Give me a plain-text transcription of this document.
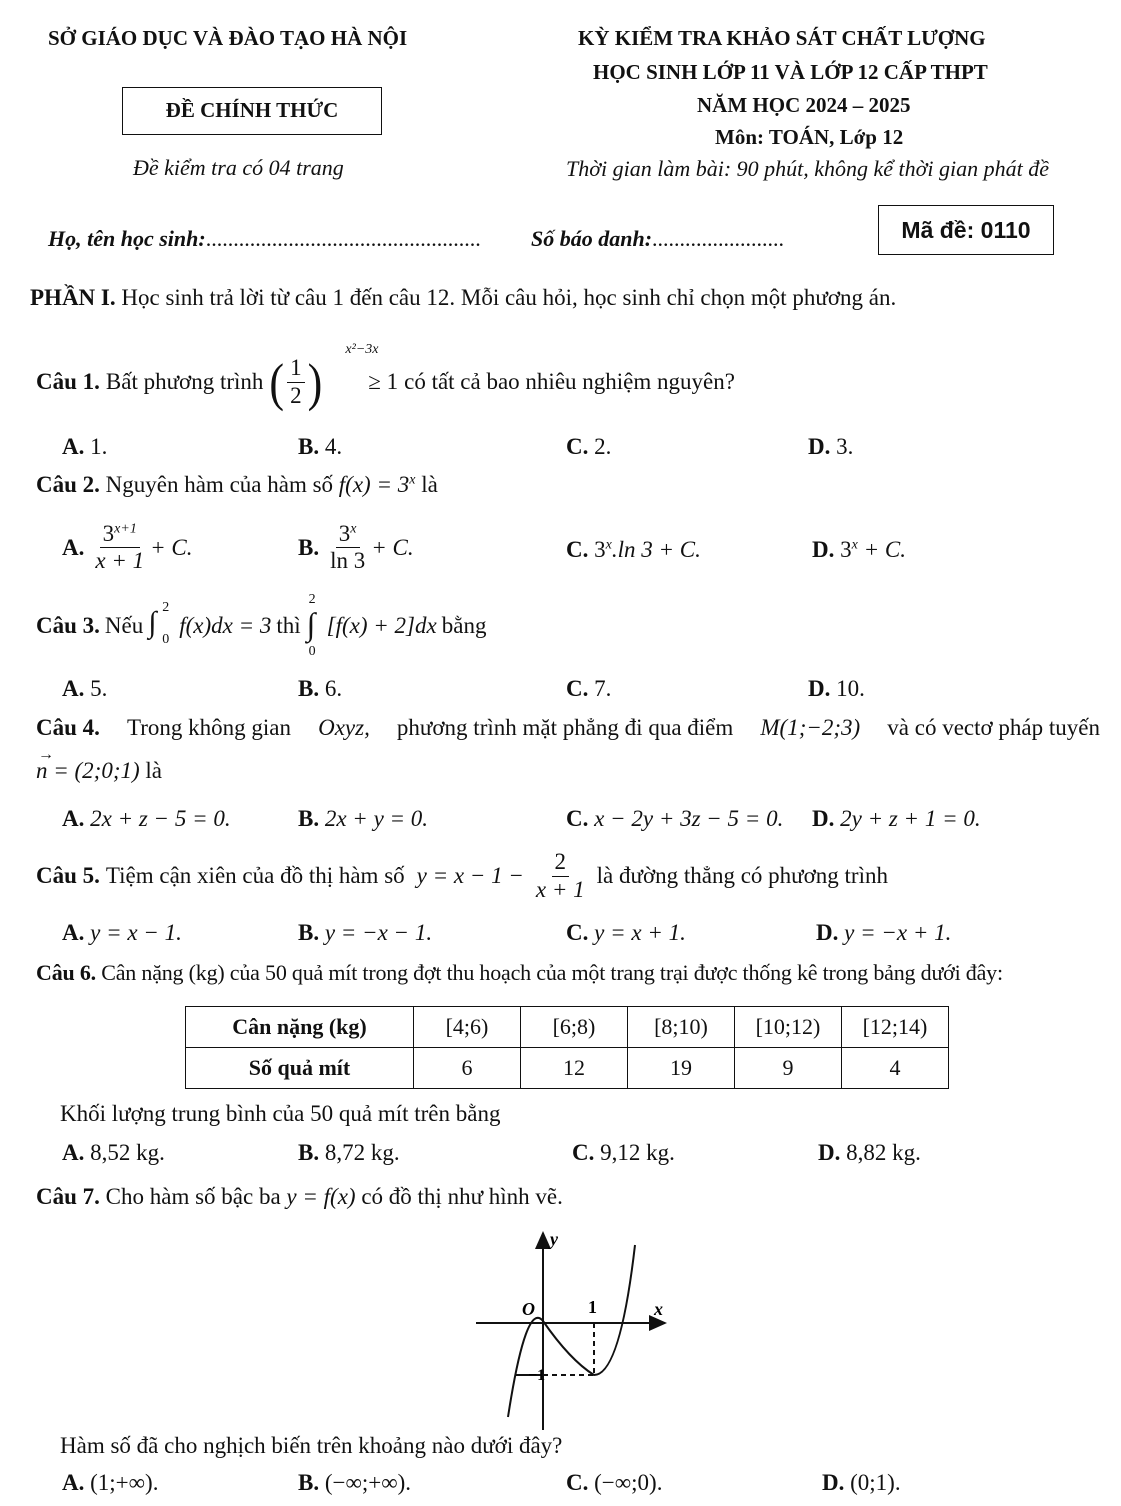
SỞ GIÁO DỤC VÀ ĐÀO TẠO HÀ NỘI	KỲ KIỂM TRA KHẢO SÁT CHẤT LƯỢNG
HỌC SINH LỚP 11 VÀ LỚP 12 CẤP THPT
ĐỀ CHÍNH THỨC	NĂM HỌC 2024 – 2025
Môn: TOÁN, Lớp 12
Đề kiểm tra có 04 trang	Thời gian làm bài: 90 phút, không kể thời gian phát đề
Họ, tên học sinh:.................................................. Số báo danh:........................	Mã đề: 0110
PHẦN I. Học sinh trả lời từ câu 1 đến câu 12. Mỗi câu hỏi, học sinh chỉ chọn một phương án.
Câu 1. Bất phương trình ( $\frac{1}{2}$ )
x²−3x
≥ 1 có tất cả bao nhiêu nghiệm nguyên?
A. 1.	B. 4.	C. 2.	D. 3.
Câu 2. Nguyên hàm của hàm số $f(x) = 3^x$ là
A. $\frac{3^{x+1}}{x + 1} + C$.	B. $\frac{3^x}{\ln 3} + C$.	C. 3$^x$.ln 3 + C.	D. $3^x + C$.
Câu 3. Nếu ∫ 2
0
f(x)dx = 3 thì ∫
2
0
[f(x) + 2]dx bằng
A. 5.	B. 6.	C. 7.	D. 10.
Câu 4. Trong không gian Oxyz, phương trình mặt phẳng đi qua điểm M(1;−2;3) và có vectơ pháp tuyến
→
n = (2;0;1) là
A. 2x + z − 5 = 0.	B. 2x + y = 0.	C. x − 2y + 3z − 5 = 0. D. 2y + z + 1 = 0.
Câu 5. Tiệm cận xiên của đồ thị hàm số $y = x - 1 - \frac{2}{x + 1}$ là đường thẳng có phương trình
A. y = x − 1.	B. y = −x − 1.	C. y = x + 1.	D. y = −x + 1.
Câu 6. Cân nặng (kg) của 50 quả mít trong đợt thu hoạch của một trang trại được thống kê trong bảng dưới đây:
Cân nặng (kg)	[4;6)	[6;8)	[8;10)	[10;12)	[12;14)
Số quả mít	6	12	19	9	4
Khối lượng trung bình của 50 quả mít trên bằng
A. 8,52 kg.	B. 8,72 kg.	C. 9,12 kg.	D. 8,82 kg.
Câu 7. Cho hàm số bậc ba y = f(x) có đồ thị như hình vẽ.
y
x
O	1
−1
Hàm số đã cho nghịch biến trên khoảng nào dưới đây?
A. (1;+∞).	B. (−∞;+∞).	C. (−∞;0).	D. (0;1).
